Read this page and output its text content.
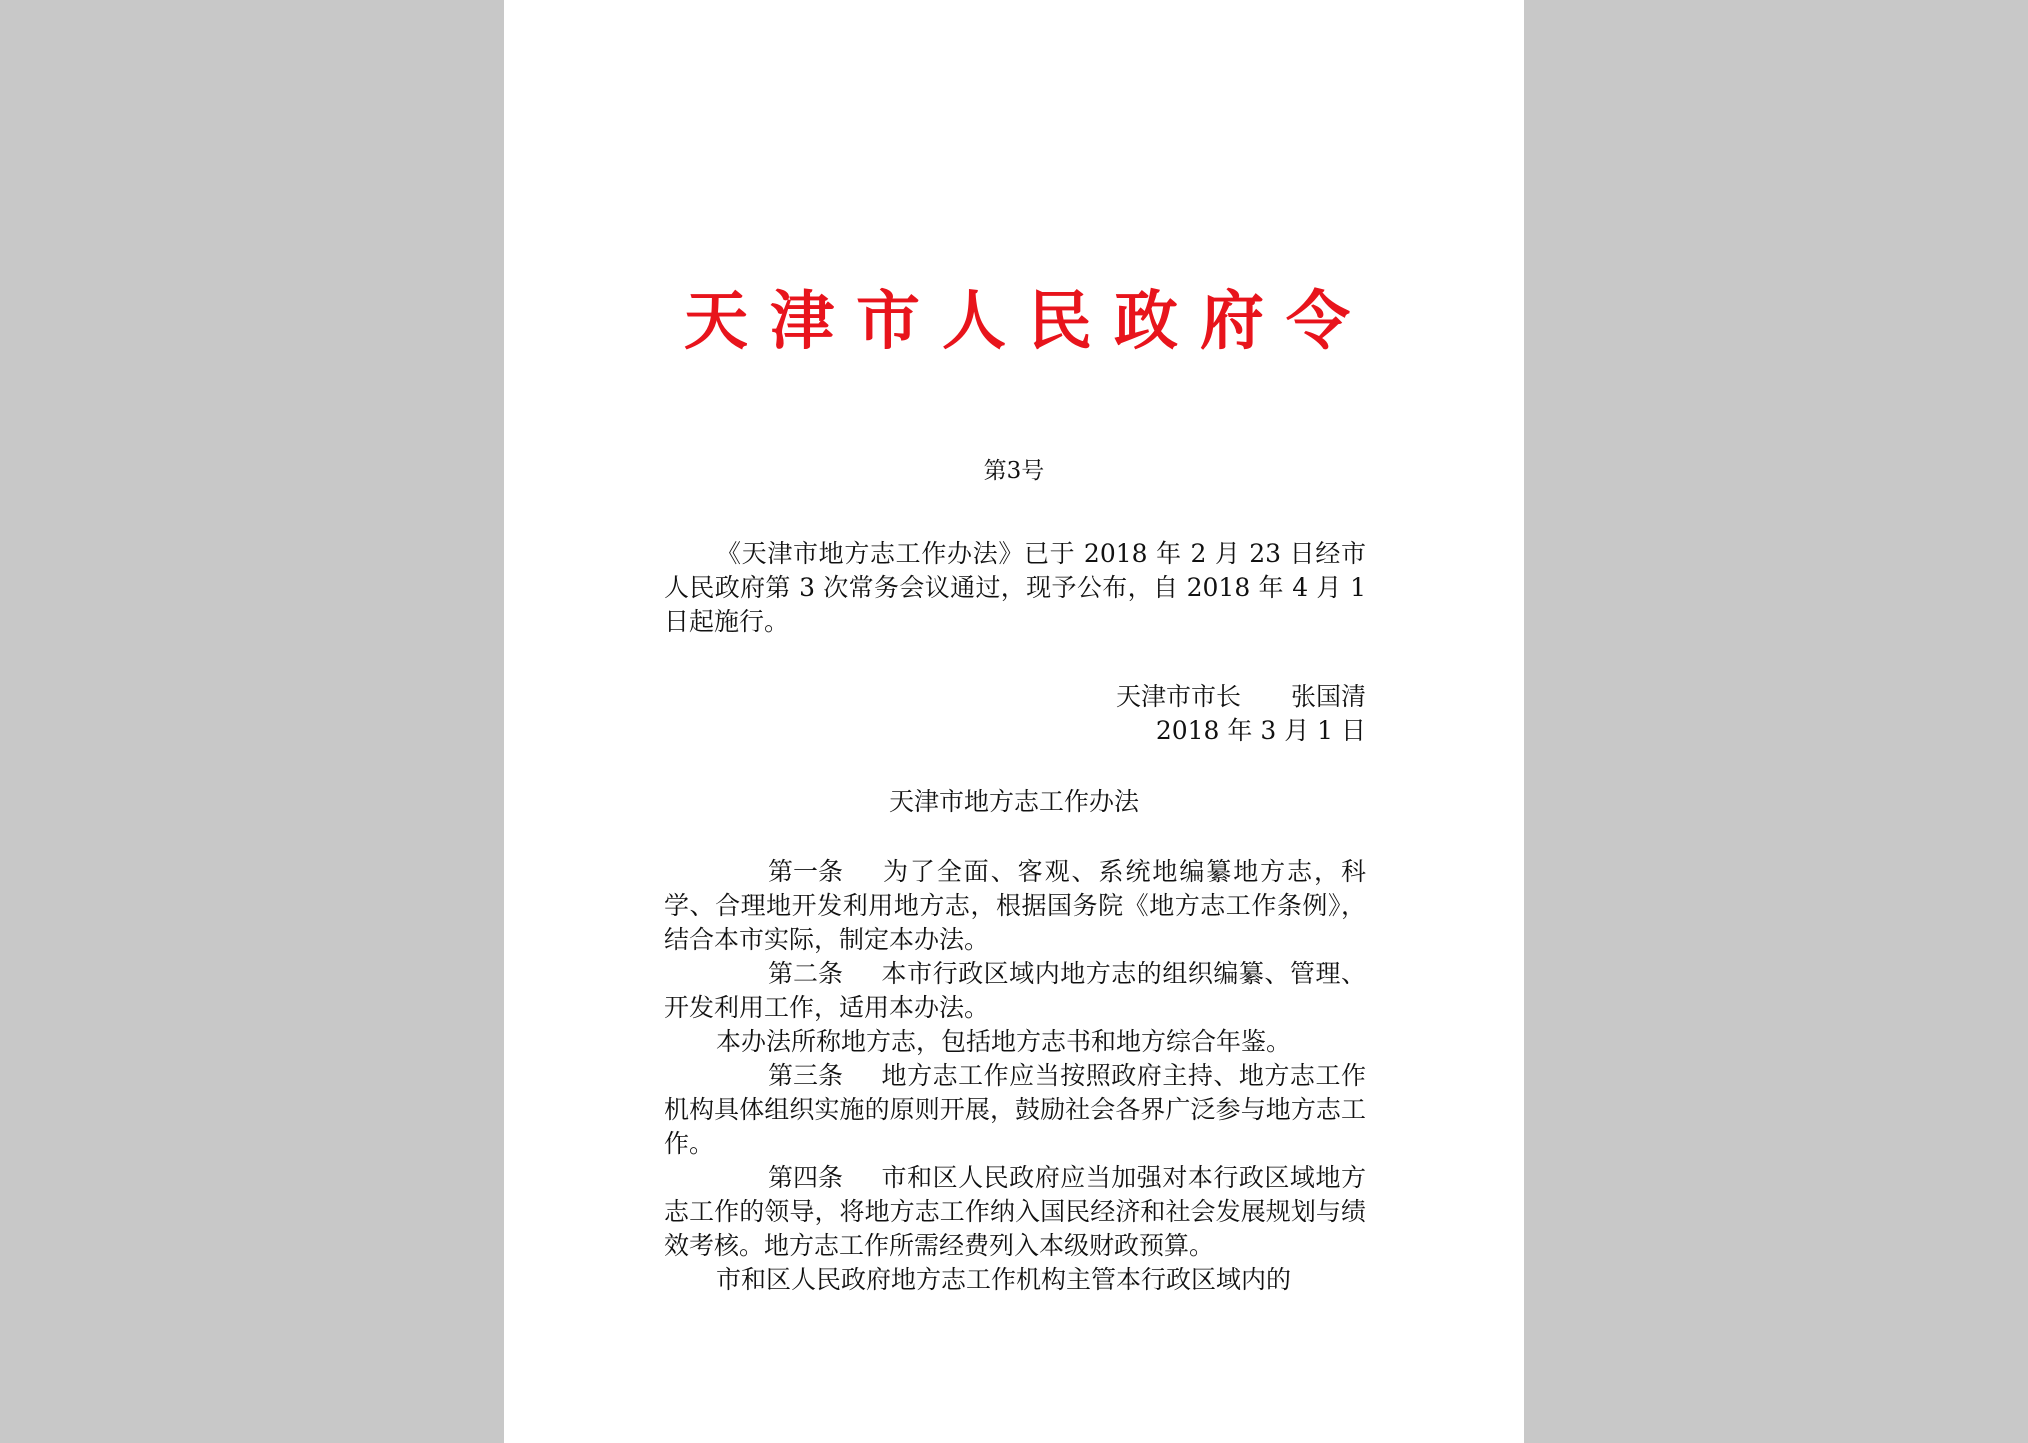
天津市人民政府令
第3号

《天津市地方志工作办法》已于 2018 年 2 月 23 日经市人民政府第 3 次常务会议通过，现予公布，自 2018 年 4 月 1 日起施行。

天津市市长　　张国清
2018 年 3 月 1 日
天津市地方志工作办法

第一条 为了全面、客观、系统地编纂地方志，科学、合理地开发利用地方志，根据国务院《地方志工作条例》，结合本市实际，制定本办法。

第二条 本市行政区域内地方志的组织编纂、管理、开发利用工作，适用本办法。

本办法所称地方志，包括地方志书和地方综合年鉴。

第三条 地方志工作应当按照政府主持、地方志工作机构具体组织实施的原则开展，鼓励社会各界广泛参与地方志工作。

第四条 市和区人民政府应当加强对本行政区域地方志工作的领导，将地方志工作纳入国民经济和社会发展规划与绩效考核。地方志工作所需经费列入本级财政预算。

市和区人民政府地方志工作机构主管本行政区域内的
